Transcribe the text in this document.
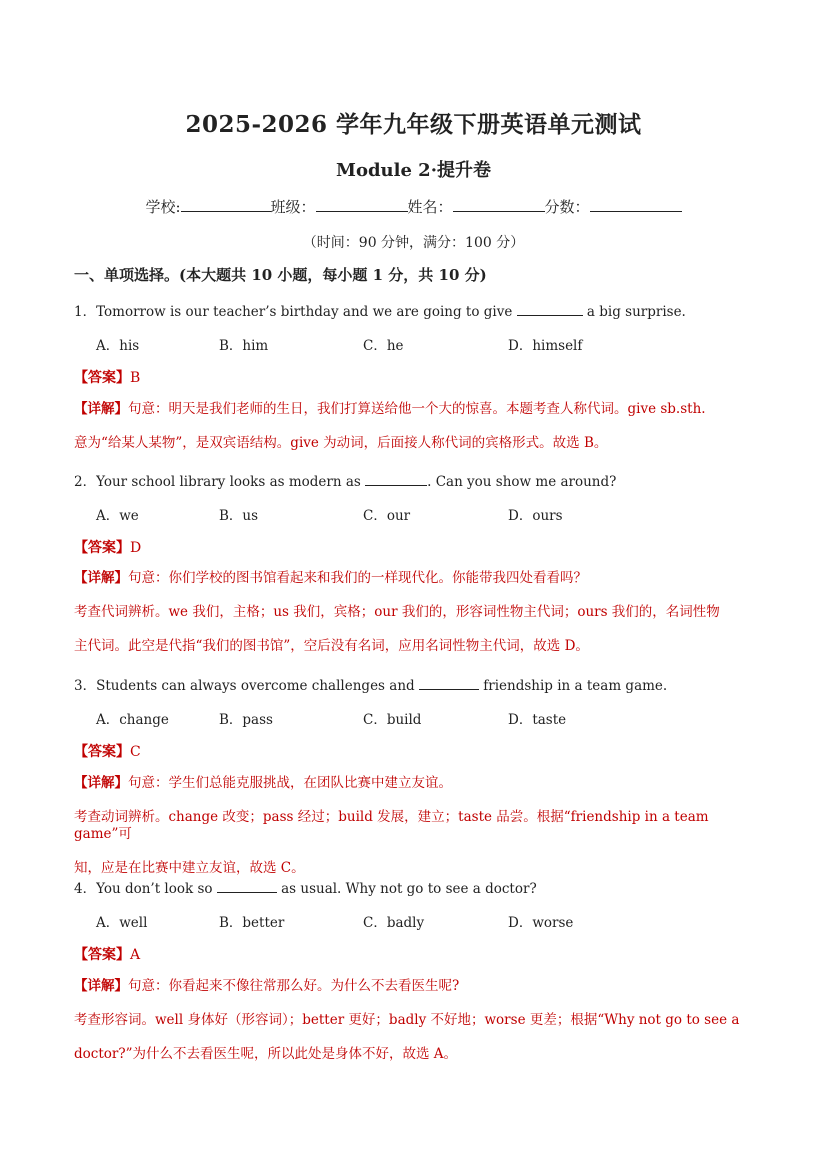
2025-2026 学年九年级下册英语单元测试
Module 2·提升卷
学校:	班级：	姓名：	分数：
（时间：90 分钟，满分：100 分）
一、单项选择。(本大题共 10 小题，每小题 1 分，共 10 分)
1．Tomorrow is our teacher’s birthday and we are going to give	a big surprise.
A．his	B．him	C．he	D．himself
【答案】B
【详解】句意：明天是我们老师的生日，我们打算送给他一个大的惊喜。本题考查人称代词。give sb.sth.
意为“给某人某物”，是双宾语结构。give 为动词，后面接人称代词的宾格形式。故选 B。
2．Your school library looks as modern as	. Can you show me around?
A．we	B．us	C．our	D．ours
【答案】D
【详解】句意：你们学校的图书馆看起来和我们的一样现代化。你能带我四处看看吗？
考查代词辨析。we 我们，主格；us 我们，宾格；our 我们的，形容词性物主代词；ours 我们的，名词性物
主代词。此空是代指“我们的图书馆”，空后没有名词，应用名词性物主代词，故选 D。
3．Students can always overcome challenges and	friendship in a team game.
A．change	B．pass	C．build	D．taste
【答案】C
【详解】句意：学生们总能克服挑战，在团队比赛中建立友谊。
考查动词辨析。change 改变；pass 经过；build 发展，建立；taste 品尝。根据“friendship in a team game”可
知，应是在比赛中建立友谊，故选 C。
4．You don’t look so	as usual. Why not go to see a doctor?
A．well	B．better	C．badly	D．worse
【答案】A
【详解】句意：你看起来不像往常那么好。为什么不去看医生呢?
考查形容词。well 身体好（形容词）；better 更好；badly 不好地；worse 更差；根据“Why not go to see a
doctor?”为什么不去看医生呢，所以此处是身体不好，故选 A。
